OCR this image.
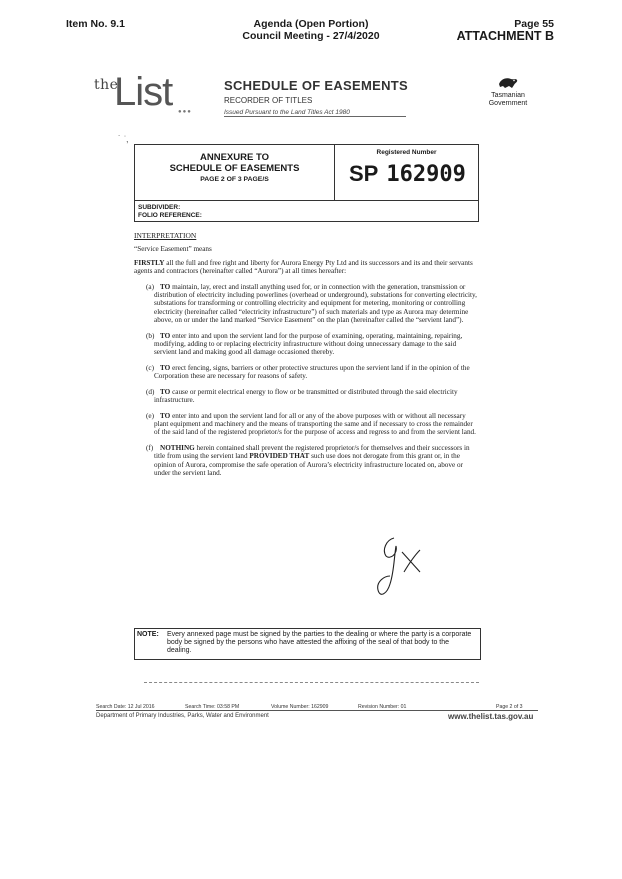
Item No. 9.1	Agenda (Open Portion)
Council Meeting - 27/4/2020
Page 55
ATTACHMENT B
the
List ●●●
SCHEDULE OF EASEMENTS
RECORDER OF TITLES
Issued Pursuant to the Land Titles Act 1980
Tasmanian
Government
˙ ͘ ,
ANNEXURE TO
SCHEDULE OF EASEMENTS
PAGE 2 OF 3 PAGE/S
Registered Number
SP 162909
SUBDIVIDER:
FOLIO REFERENCE:

INTERPRETATION

“Service Easement” means

FIRSTLY all the full and free right and liberty for Aurora Energy Pty Ltd and its successors and its and their servants agents and contractors (hereinafter called “Aurora”) at all times hereafter:

(a) TO maintain, lay, erect and install anything used for, or in connection with the generation, transmission or distribution of electricity including powerlines (overhead or underground), substations for converting electricity, substations for transforming or controlling electricity and equipment for metering, monitoring or controlling electricity (hereinafter called “electricity infrastructure”) of such materials and type as Aurora may determine above, on or under the land marked “Service Easement” on the plan (hereinafter called the “servient land”).

(b) TO enter into and upon the servient land for the purpose of examining, operating, maintaining, repairing, modifying, adding to or replacing electricity infrastructure without doing unnecessary damage to the said servient land and making good all damage occasioned thereby.

(c) TO erect fencing, signs, barriers or other protective structures upon the servient land if in the opinion of the Corporation these are necessary for reasons of safety.

(d) TO cause or permit electrical energy to flow or be transmitted or distributed through the said electricity infrastructure.

(e) TO enter into and upon the servient land for all or any of the above purposes with or without all necessary plant equipment and machinery and the means of transporting the same and if necessary to cross the remainder of the said land of the registered proprietor/s for the purpose of access and regress to and from the servient land.

(f) NOTHING herein contained shall prevent the registered proprietor/s for themselves and their successors in title from using the servient land PROVIDED THAT such use does not derogate from this grant or, in the opinion of Aurora, compromise the safe operation of Aurora’s electricity infrastructure located on, above or under the servient land.

NOTE: Every annexed page must be signed by the parties to the dealing or where the party is a corporate body be signed by the persons who have attested the affixing of the seal of that body to the dealing.
Search Date: 12 Jul 2016	Search Time: 03:58 PM	Volume Number: 162909	Revision Number: 01	Page 2 of 3
Department of Primary Industries, Parks, Water and Environment	www.thelist.tas.gov.au
